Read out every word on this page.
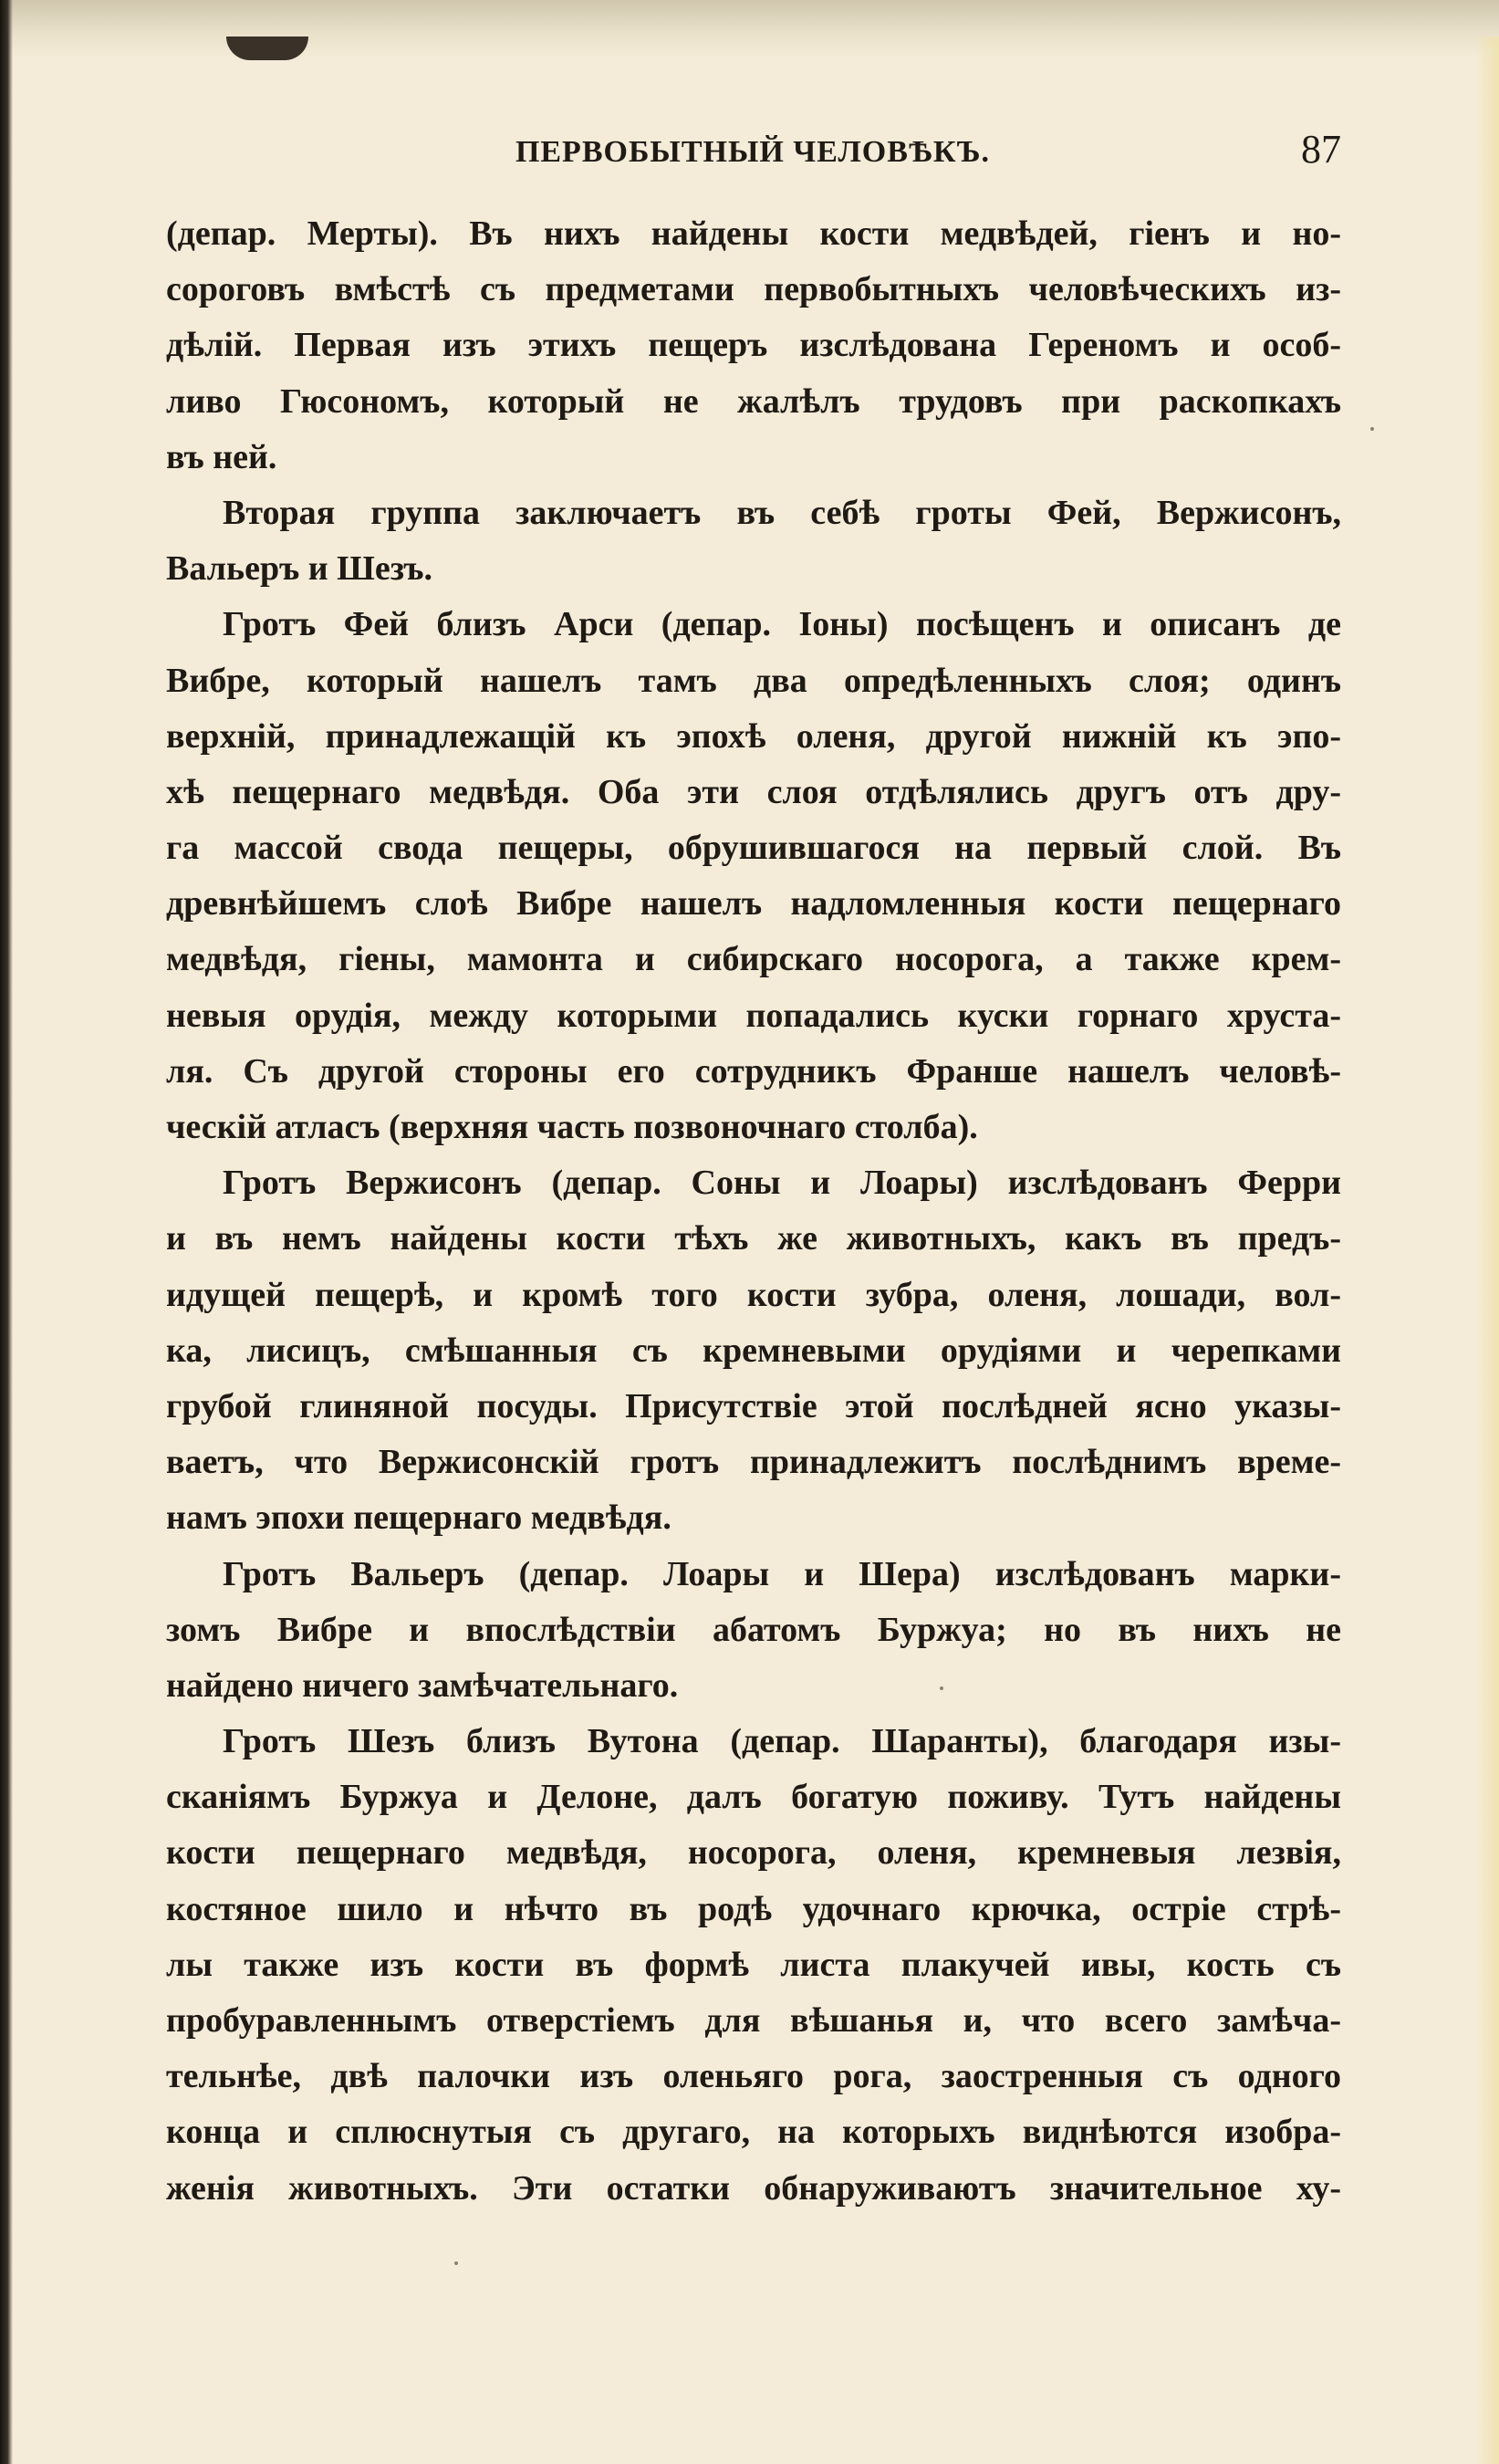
ПЕРВОБЫТНЫЙ ЧЕЛОВѢКЪ.	87
(депар. Мерты). Въ нихъ найдены кости медвѣдей, гіенъ и но-
сороговъ вмѣстѣ съ предметами первобытныхъ человѣческихъ из-
дѣлій. Первая изъ этихъ пещеръ изслѣдована Гереномъ и особ-
ливо Гюсономъ, который не жалѣлъ трудовъ при раскопкахъ
въ ней.
Вторая группа заключаетъ въ себѣ гроты Фей, Вержисонъ,
Вальеръ и Шезъ.
Гротъ Фей близъ Арси (депар. Іоны) посѣщенъ и описанъ де
Вибре, который нашелъ тамъ два опредѣленныхъ слоя; одинъ
верхній, принадлежащій къ эпохѣ оленя, другой нижній къ эпо-
хѣ пещернаго медвѣдя. Оба эти слоя отдѣлялись другъ отъ дру-
га массой свода пещеры, обрушившагося на первый слой. Въ
древнѣйшемъ слоѣ Вибре нашелъ надломленныя кости пещернаго
медвѣдя, гіены, мамонта и сибирскаго носорога, а также крем-
невыя орудія, между которыми попадались куски горнаго хруста-
ля. Съ другой стороны его сотрудникъ Франше нашелъ человѣ-
ческій атласъ (верхняя часть позвоночнаго столба).
Гротъ Вержисонъ (депар. Соны и Лоары) изслѣдованъ Ферри
и въ немъ найдены кости тѣхъ же животныхъ, какъ въ предъ-
идущей пещерѣ, и кромѣ того кости зубра, оленя, лошади, вол-
ка, лисицъ, смѣшанныя съ кремневыми орудіями и черепками
грубой глиняной посуды. Присутствіе этой послѣдней ясно указы-
ваетъ, что Вержисонскій гротъ принадлежитъ послѣднимъ време-
намъ эпохи пещернаго медвѣдя.
Гротъ Вальеръ (депар. Лоары и Шера) изслѣдованъ марки-
зомъ Вибре и впослѣдствіи абатомъ Буржуа; но въ нихъ не
найдено ничего замѣчательнаго.
Гротъ Шезъ близъ Вутона (депар. Шаранты), благодаря изы-
сканіямъ Буржуа и Делоне, далъ богатую поживу. Тутъ найдены
кости пещернаго медвѣдя, носорога, оленя, кремневыя лезвія,
костяное шило и нѣчто въ родѣ удочнаго крючка, остріе стрѣ-
лы также изъ кости въ формѣ листа плакучей ивы, кость съ
пробуравленнымъ отверстіемъ для вѣшанья и, что всего замѣча-
тельнѣе, двѣ палочки изъ оленьяго рога, заостренныя съ одного
конца и сплюснутыя съ другаго, на которыхъ виднѣются изобра-
женія животныхъ. Эти остатки обнаруживаютъ значительное ху-
